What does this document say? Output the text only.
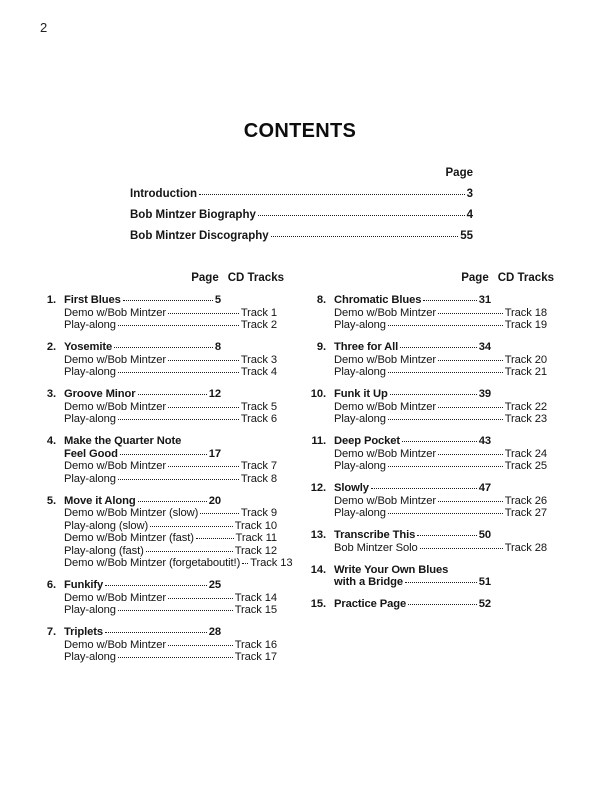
2
CONTENTS
Page
Introduction	3
Bob Mintzer Biography	4
Bob Mintzer Discography	55
Page CD Tracks
1. First Blues	5
Demo w/Bob Mintzer	Track 1
Play-along	Track 2
2. Yosemite	8
Demo w/Bob Mintzer	Track 3
Play-along	Track 4
3. Groove Minor	12
Demo w/Bob Mintzer	Track 5
Play-along	Track 6
4. Make the Quarter Note
Feel Good	17
Demo w/Bob Mintzer	Track 7
Play-along	Track 8
5. Move it Along	20
Demo w/Bob Mintzer (slow)	Track 9
Play-along (slow)	Track 10
Demo w/Bob Mintzer (fast)	Track 11
Play-along (fast)	Track 12
Demo w/Bob Mintzer (forgetaboutit!) Track 13
6. Funkify	25
Demo w/Bob Mintzer	Track 14
Play-along	Track 15
7. Triplets	28
Demo w/Bob Mintzer	Track 16
Play-along	Track 17
Page CD Tracks
8. Chromatic Blues	31
Demo w/Bob Mintzer	Track 18
Play-along	Track 19
9. Three for All	34
Demo w/Bob Mintzer	Track 20
Play-along	Track 21
10. Funk it Up	39
Demo w/Bob Mintzer	Track 22
Play-along	Track 23
11. Deep Pocket	43
Demo w/Bob Mintzer	Track 24
Play-along	Track 25
12. Slowly	47
Demo w/Bob Mintzer	Track 26
Play-along	Track 27
13. Transcribe This	50
Bob Mintzer Solo	Track 28
14. Write Your Own Blues
with a Bridge	51
15. Practice Page	52
